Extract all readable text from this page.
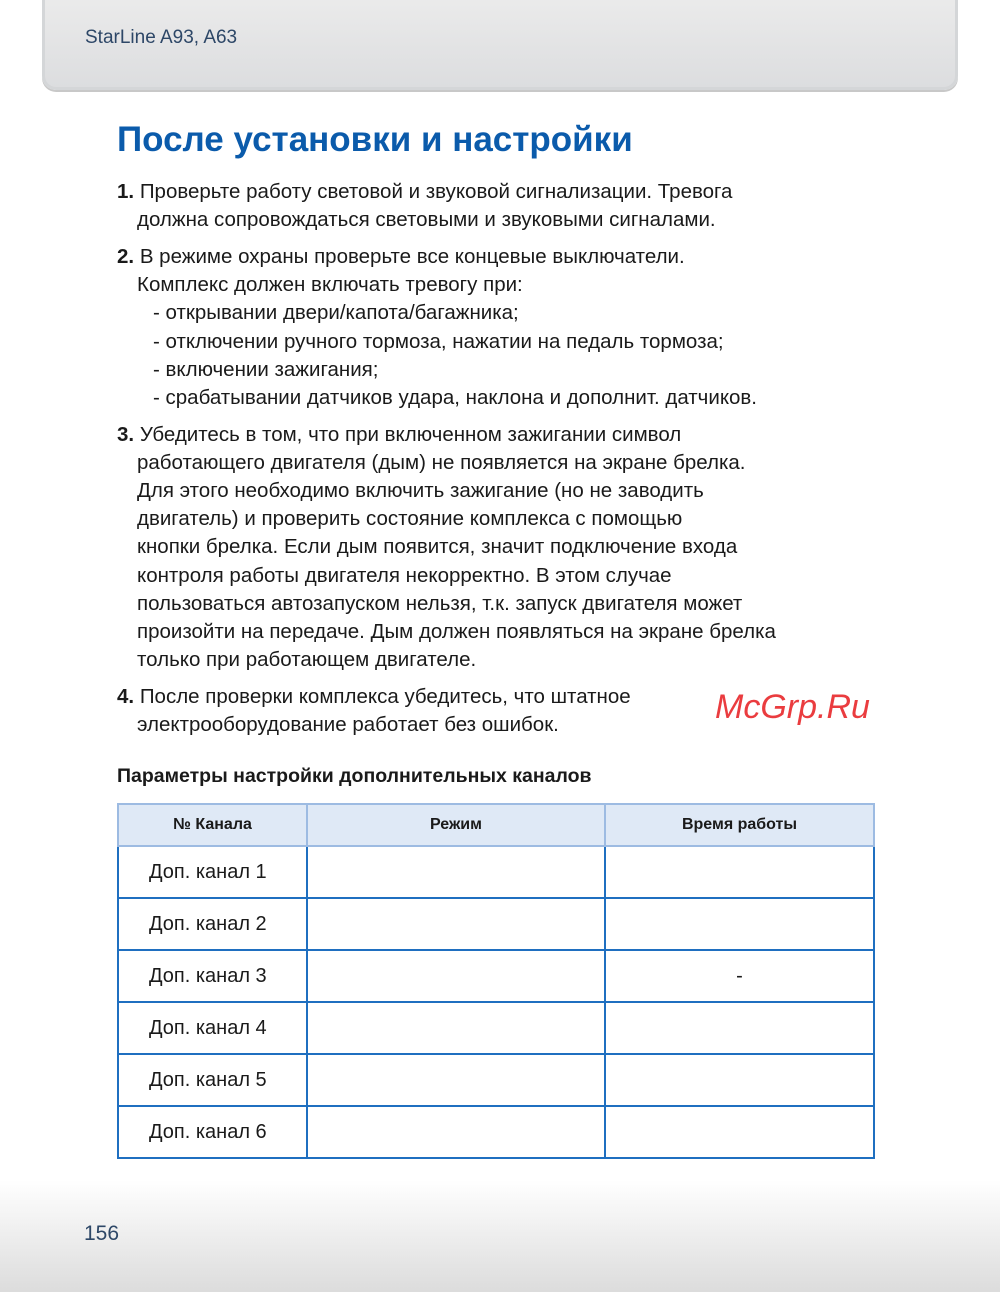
StarLine A93, A63
После установки и настройки
1. Проверьте работу световой и звуковой сигнализации. Тревога
должна сопровождаться световыми и звуковыми сигналами.
2. В режиме охраны проверьте все концевые выключатели.
Комплекс должен включать тревогу при:
- открывании двери/капота/багажника;
- отключении ручного тормоза, нажатии на педаль тормоза;
- включении зажигания;
- срабатывании датчиков удара, наклона и дополнит. датчиков.
3. Убедитесь в том, что при включенном зажигании символ
работающего двигателя (дым) не появляется на экране брелка.
Для этого необходимо включить зажигание (но не заводить
двигатель) и проверить состояние комплекса с помощью
кнопки брелка. Если дым появится, значит подключение входа
контроля работы двигателя некорректно. В этом случае
пользоваться автозапуском нельзя, т.к. запуск двигателя может
произойти на передаче. Дым должен появляться на экране брелка
только при работающем двигателе.
4. После проверки комплекса убедитесь, что штатное
электрооборудование работает без ошибок.
Параметры настройки дополнительных каналов
№ Канала	Режим	Время работы
Доп. канал 1		
Доп. канал 2		
Доп. канал 3		-
Доп. канал 4		
Доп. канал 5		
Доп. канал 6		
McGrp.Ru
156
